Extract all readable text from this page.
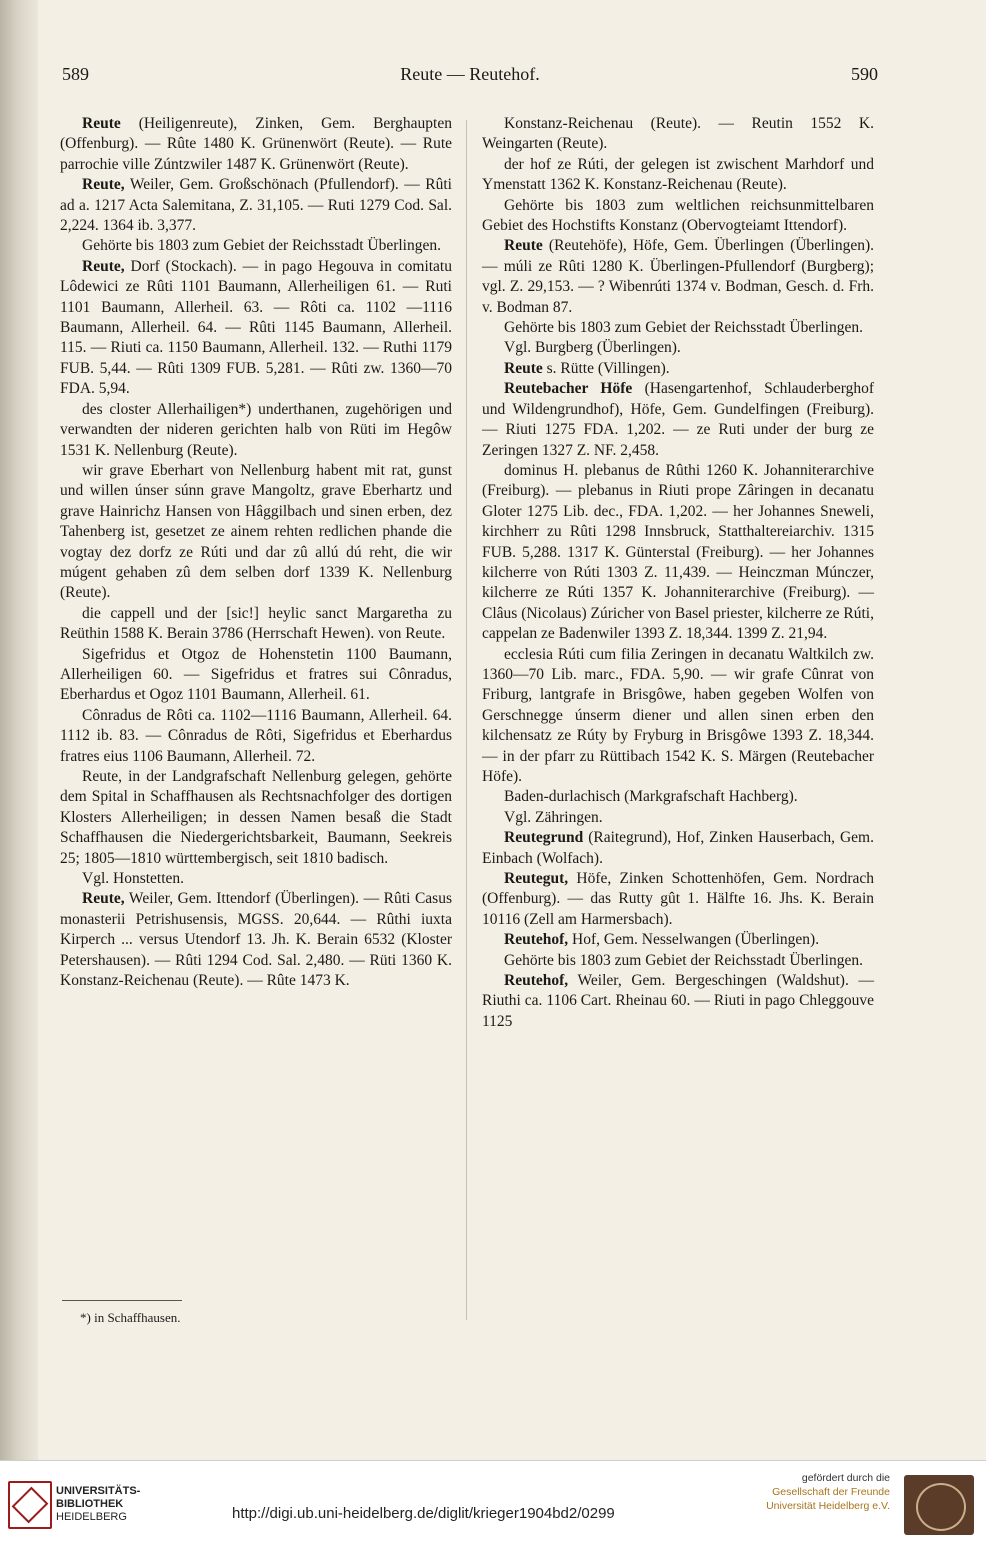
589	Reute — Reutehof.	590

Reute (Heiligenreute), Zinken, Gem. Berghaupten (Offenburg). — Rûte 1480 K. Grünenwört (Reute). — Rute parrochie ville Zúntzwiler 1487 K. Grünenwört (Reute).

Reute, Weiler, Gem. Großschönach (Pfullendorf). — Rûti ad a. 1217 Acta Salemitana, Z. 31,105. — Ruti 1279 Cod. Sal. 2,224. 1364 ib. 3,377.

Gehörte bis 1803 zum Gebiet der Reichsstadt Überlingen.

Reute, Dorf (Stockach). — in pago Hegouva in comitatu Lôdewici ze Rûti 1101 Baumann, Allerheiligen 61. — Ruti 1101 Baumann, Allerheil. 63. — Rôti ca. 1102 —1116 Baumann, Allerheil. 64. — Rûti 1145 Baumann, Allerheil. 115. — Riuti ca. 1150 Baumann, Allerheil. 132. — Ruthi 1179 FUB. 5,44. — Rûti 1309 FUB. 5,281. — Rûti zw. 1360—70 FDA. 5,94.

des closter Allerhailigen*) underthanen, zugehörigen und verwandten der nideren gerichten halb von Rüti im Hegôw 1531 K. Nellenburg (Reute).

wir grave Eberhart von Nellenburg habent mit rat, gunst und willen únser súnn grave Mangoltz, grave Eberhartz und grave Hainrichz Hansen von Hâggilbach und sinen erben, dez Tahenberg ist, gesetzet ze ainem rehten redlichen phande die vogtay dez dorfz ze Rúti und dar zû allú dú reht, die wir múgent gehaben zû dem selben dorf 1339 K. Nellenburg (Reute).

die cappell und der [sic!] heylic sanct Margaretha zu Reüthin 1588 K. Berain 3786 (Herrschaft Hewen). von Reute.

Sigefridus et Otgoz de Hohenstetin 1100 Baumann, Allerheiligen 60. — Sigefridus et fratres sui Cônradus, Eberhardus et Ogoz 1101 Baumann, Allerheil. 61.

Cônradus de Rôti ca. 1102—1116 Baumann, Allerheil. 64. 1112 ib. 83. — Cônradus de Rôti, Sigefridus et Eberhardus fratres eius 1106 Baumann, Allerheil. 72.

Reute, in der Landgrafschaft Nellenburg gelegen, gehörte dem Spital in Schaffhausen als Rechtsnachfolger des dortigen Klosters Allerheiligen; in dessen Namen besaß die Stadt Schaffhausen die Niedergerichtsbarkeit, Baumann, Seekreis 25; 1805—1810 württembergisch, seit 1810 badisch.

Vgl. Honstetten.

Reute, Weiler, Gem. Ittendorf (Überlingen). — Rûti Casus monasterii Petrishusensis, MGSS. 20,644. — Rûthi iuxta Kirperch ... versus Utendorf 13. Jh. K. Berain 6532 (Kloster Petershausen). — Rûti 1294 Cod. Sal. 2,480. — Rüti 1360 K. Konstanz-Reichenau (Reute). — Rûte 1473 K.

Konstanz-Reichenau (Reute). — Reutin 1552 K. Weingarten (Reute).

der hof ze Rúti, der gelegen ist zwischent Marhdorf und Ymenstatt 1362 K. Konstanz-Reichenau (Reute).

Gehörte bis 1803 zum weltlichen reichsunmittelbaren Gebiet des Hochstifts Konstanz (Obervogteiamt Ittendorf).

Reute (Reutehöfe), Höfe, Gem. Überlingen (Überlingen). — múli ze Rûti 1280 K. Überlingen-Pfullendorf (Burgberg); vgl. Z. 29,153. — ? Wibenrúti 1374 v. Bodman, Gesch. d. Frh. v. Bodman 87.

Gehörte bis 1803 zum Gebiet der Reichsstadt Überlingen.

Vgl. Burgberg (Überlingen).

Reute s. Rütte (Villingen).

Reutebacher Höfe (Hasengartenhof, Schlauderberghof und Wildengrundhof), Höfe, Gem. Gundelfingen (Freiburg). — Riuti 1275 FDA. 1,202. — ze Ruti under der burg ze Zeringen 1327 Z. NF. 2,458.

dominus H. plebanus de Rûthi 1260 K. Johanniterarchive (Freiburg). — plebanus in Riuti prope Zâringen in decanatu Gloter 1275 Lib. dec., FDA. 1,202. — her Johannes Sneweli, kirchherr zu Rûti 1298 Innsbruck, Statthaltereiarchiv. 1315 FUB. 5,288. 1317 K. Günterstal (Freiburg). — her Johannes kilcherre von Rúti 1303 Z. 11,439. — Heinczman Múnczer, kilcherre ze Rúti 1357 K. Johanniterarchive (Freiburg). — Clâus (Nicolaus) Zúricher von Basel priester, kilcherre ze Rúti, cappelan ze Badenwiler 1393 Z. 18,344. 1399 Z. 21,94.

ecclesia Rúti cum filia Zeringen in decanatu Waltkilch zw. 1360—70 Lib. marc., FDA. 5,90. — wir grafe Cûnrat von Friburg, lantgrafe in Brisgôwe, haben gegeben Wolfen von Gerschnegge únserm diener und allen sinen erben den kilchensatz ze Rúty by Fryburg in Brisgôwe 1393 Z. 18,344. — in der pfarr zu Rüttibach 1542 K. S. Märgen (Reutebacher Höfe).

Baden-durlachisch (Markgrafschaft Hachberg).

Vgl. Zähringen.

Reutegrund (Raitegrund), Hof, Zinken Hauserbach, Gem. Einbach (Wolfach).

Reutegut, Höfe, Zinken Schottenhöfen, Gem. Nordrach (Offenburg). — das Rutty gût 1. Hälfte 16. Jhs. K. Berain 10116 (Zell am Harmersbach).

Reutehof, Hof, Gem. Nesselwangen (Überlingen).

Gehörte bis 1803 zum Gebiet der Reichsstadt Überlingen.

Reutehof, Weiler, Gem. Bergeschingen (Waldshut). — Riuthi ca. 1106 Cart. Rheinau 60. — Riuti in pago Chleggouve 1125

*) in Schaffhausen.
UNIVERSITÄTS-
BIBLIOTHEK
HEIDELBERG	http://digi.ub.uni-heidelberg.de/diglit/krieger1904bd2/0299
gefördert durch die
Gesellschaft der Freunde
Universität Heidelberg e.V.
